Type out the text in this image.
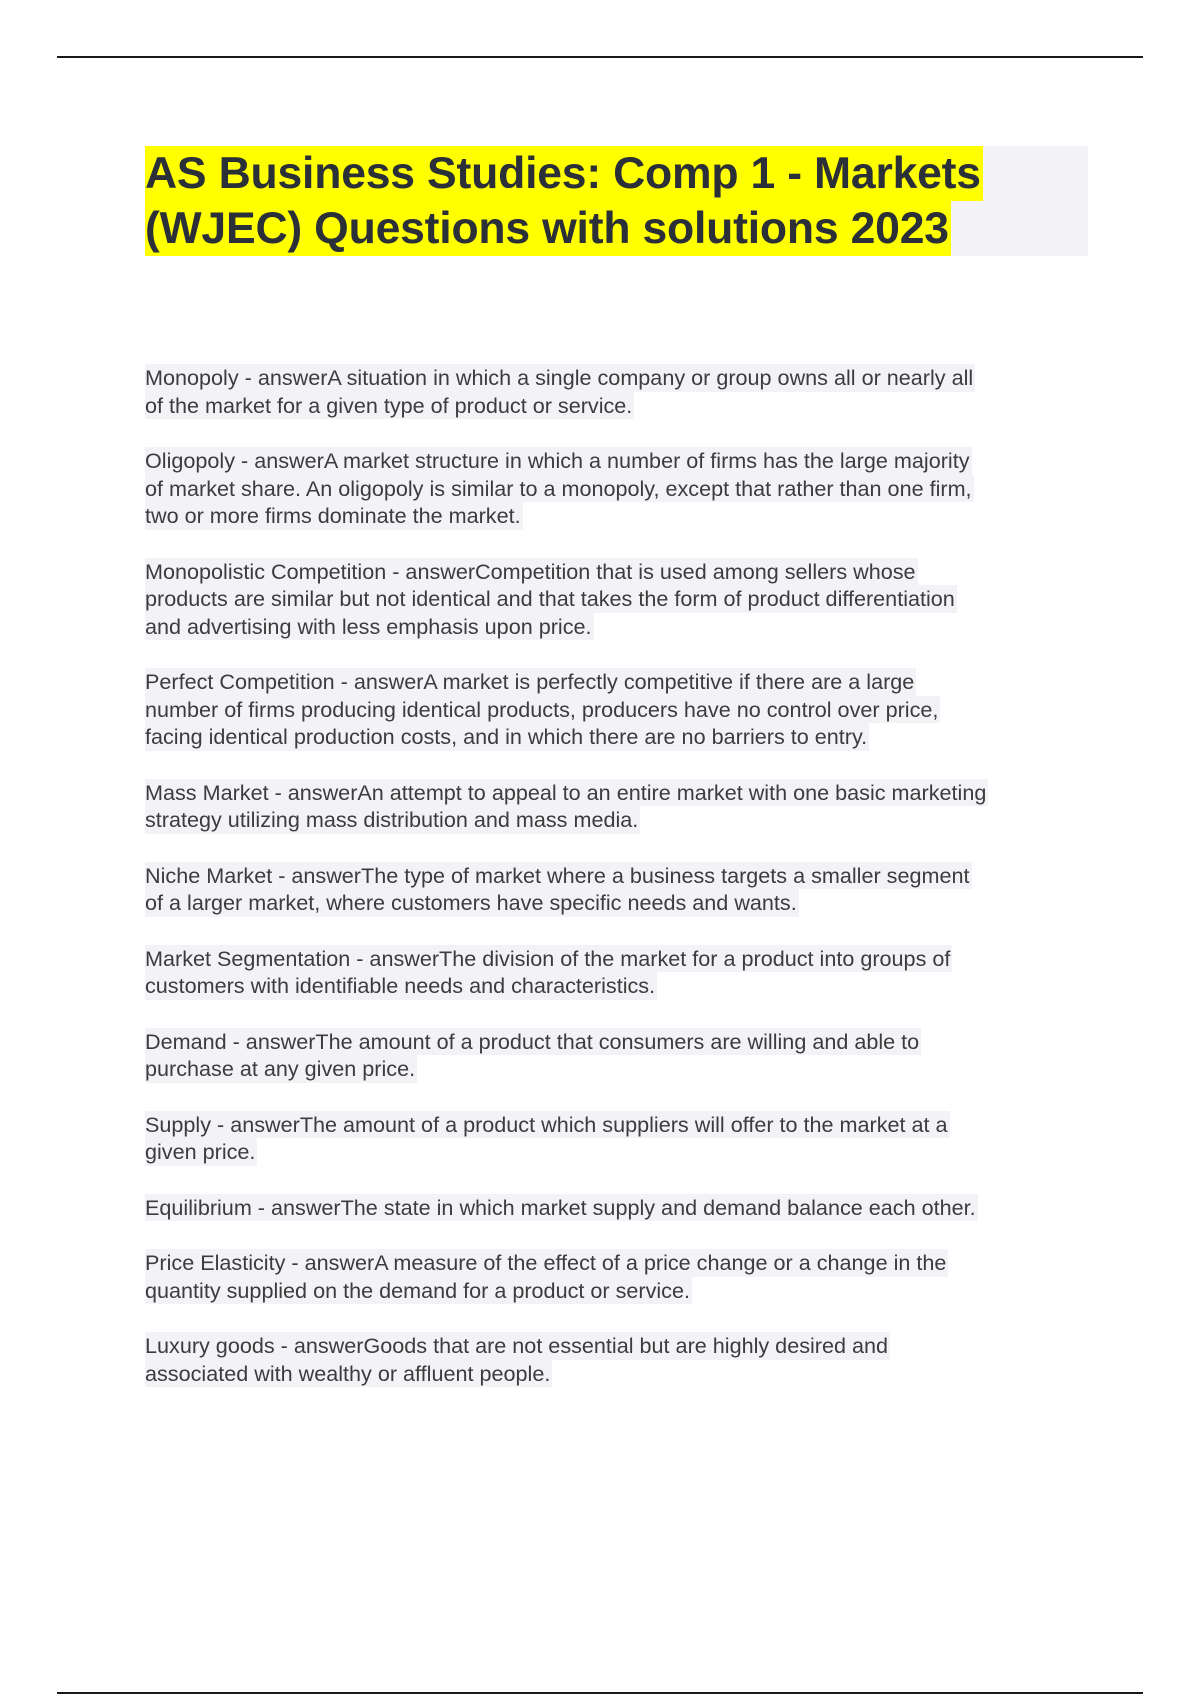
AS Business Studies: Comp 1 - Markets
(WJEC) Questions with solutions 2023
Monopoly - answerA situation in which a single company or group owns all or nearly all
of the market for a given type of product or service.
Oligopoly - answerA market structure in which a number of firms has the large majority
of market share. An oligopoly is similar to a monopoly, except that rather than one firm,
two or more firms dominate the market.
Monopolistic Competition - answerCompetition that is used among sellers whose
products are similar but not identical and that takes the form of product differentiation
and advertising with less emphasis upon price.
Perfect Competition - answerA market is perfectly competitive if there are a large
number of firms producing identical products, producers have no control over price,
facing identical production costs, and in which there are no barriers to entry.
Mass Market - answerAn attempt to appeal to an entire market with one basic marketing
strategy utilizing mass distribution and mass media.
Niche Market - answerThe type of market where a business targets a smaller segment
of a larger market, where customers have specific needs and wants.
Market Segmentation - answerThe division of the market for a product into groups of
customers with identifiable needs and characteristics.
Demand - answerThe amount of a product that consumers are willing and able to
purchase at any given price.
Supply - answerThe amount of a product which suppliers will offer to the market at a
given price.
Equilibrium - answerThe state in which market supply and demand balance each other.
Price Elasticity - answerA measure of the effect of a price change or a change in the
quantity supplied on the demand for a product or service.
Luxury goods - answerGoods that are not essential but are highly desired and
associated with wealthy or affluent people.
